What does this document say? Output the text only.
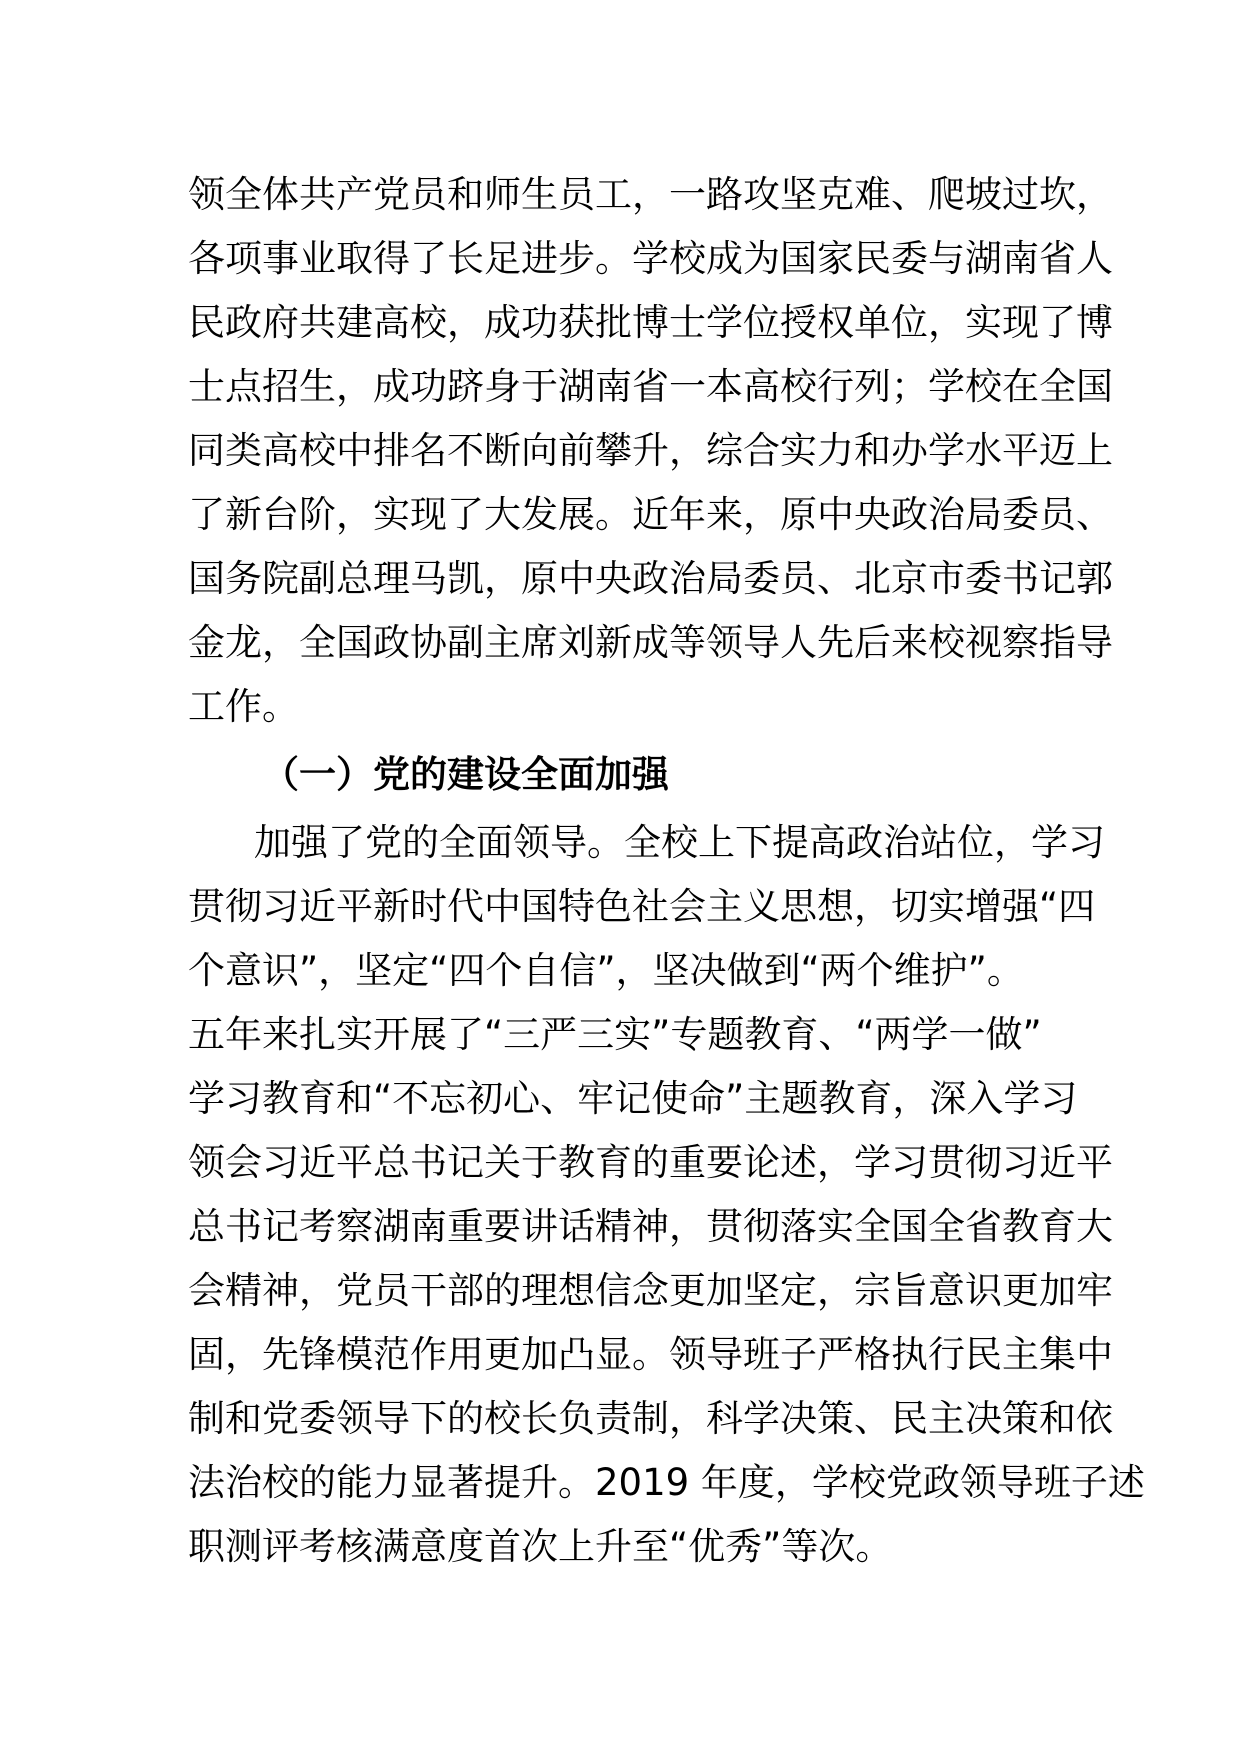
领全体共产党员和师生员工，一路攻坚克难、爬坡过坎，
各项事业取得了长足进步。学校成为国家民委与湖南省人
民政府共建高校，成功获批博士学位授权单位，实现了博
士点招生，成功跻身于湖南省一本高校行列；学校在全国
同类高校中排名不断向前攀升，综合实力和办学水平迈上
了新台阶，实现了大发展。近年来，原中央政治局委员、
国务院副总理马凯，原中央政治局委员、北京市委书记郭
金龙，全国政协副主席刘新成等领导人先后来校视察指导
工作。
（一）党的建设全面加强
加强了党的全面领导。全校上下提高政治站位，学习
贯彻习近平新时代中国特色社会主义思想，切实增强“四
个意识”，坚定“四个自信”，坚决做到“两个维护”。
五年来扎实开展了“三严三实”专题教育、“两学一做”
学习教育和“不忘初心、牢记使命”主题教育，深入学习
领会习近平总书记关于教育的重要论述，学习贯彻习近平
总书记考察湖南重要讲话精神，贯彻落实全国全省教育大
会精神，党员干部的理想信念更加坚定，宗旨意识更加牢
固，先锋模范作用更加凸显。领导班子严格执行民主集中
制和党委领导下的校长负责制，科学决策、民主决策和依
法治校的能力显著提升。2019 年度，学校党政领导班子述
职测评考核满意度首次上升至“优秀”等次。
